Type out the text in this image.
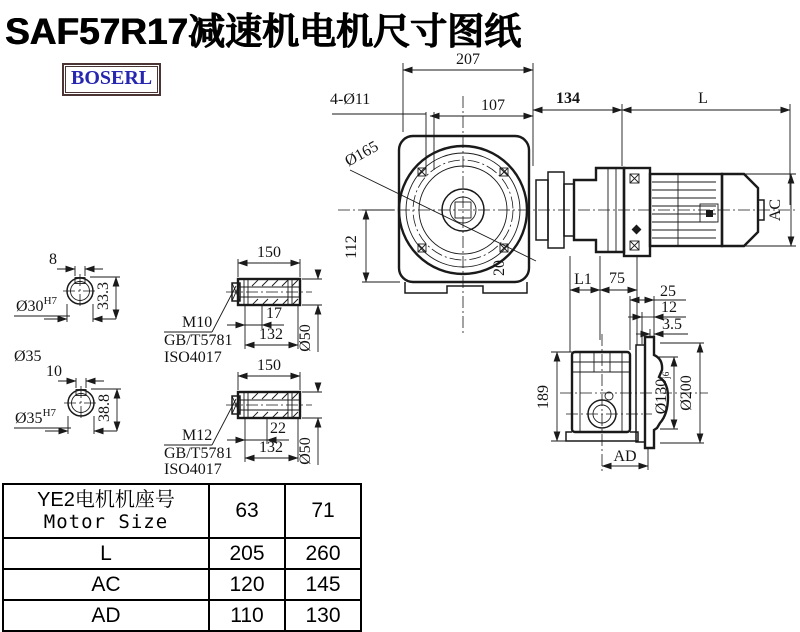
SAF57R17减速机电机尺寸图纸
BOSERL
207
107
4-Ø11
Ø165
112
20
134	L
AC
L1 75
189
25
12
3.5
Ø130j6 Ø200
AD
8
$Ø30^{H7}$ 33.3
Ø35
10
$Ø35^{H7}$ 38.8
150
17
132 Ø50
M10
GB/T5781
ISO4017 150
22
132 Ø50
M12
GB/T5781
ISO4017
YE2电机机座号
Motor Size	63	71
L	205	260
AC	120	145
AD	110	130
